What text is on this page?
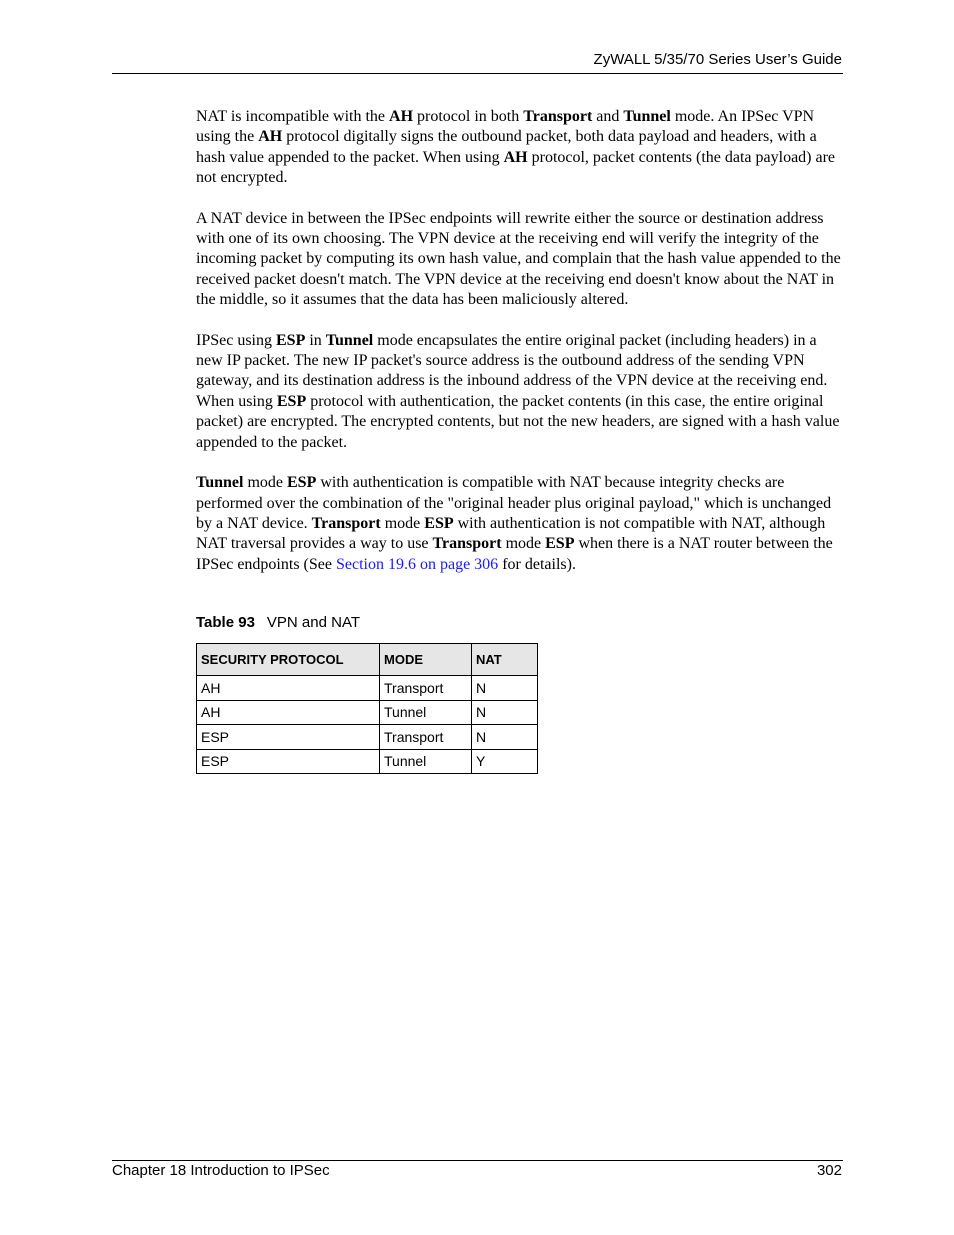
ZyWALL 5/35/70 Series User’s Guide

NAT is incompatible with the AH protocol in both Transport and Tunnel mode. An IPSec VPN using the AH protocol digitally signs the outbound packet, both data payload and headers, with a hash value appended to the packet. When using AH protocol, packet contents (the data payload) are not encrypted.

A NAT device in between the IPSec endpoints will rewrite either the source or destination address with one of its own choosing. The VPN device at the receiving end will verify the integrity of the incoming packet by computing its own hash value, and complain that the hash value appended to the received packet doesn't match. The VPN device at the receiving end doesn't know about the NAT in the middle, so it assumes that the data has been maliciously altered.

IPSec using ESP in Tunnel mode encapsulates the entire original packet (including headers) in a new IP packet. The new IP packet's source address is the outbound address of the sending VPN gateway, and its destination address is the inbound address of the VPN device at the receiving end. When using ESP protocol with authentication, the packet contents (in this case, the entire original packet) are encrypted. The encrypted contents, but not the new headers, are signed with a hash value appended to the packet.

Tunnel mode ESP with authentication is compatible with NAT because integrity checks are performed over the combination of the "original header plus original payload," which is unchanged by a NAT device. Transport mode ESP with authentication is not compatible with NAT, although NAT traversal provides a way to use Transport mode ESP when there is a NAT router between the IPSec endpoints (See Section 19.6 on page 306 for details).

Table 93 VPN and NAT
SECURITY PROTOCOL	MODE	NAT
AH	Transport	N
AH	Tunnel	N
ESP	Transport	N
ESP	Tunnel	Y
Chapter 18 Introduction to IPSec	302
